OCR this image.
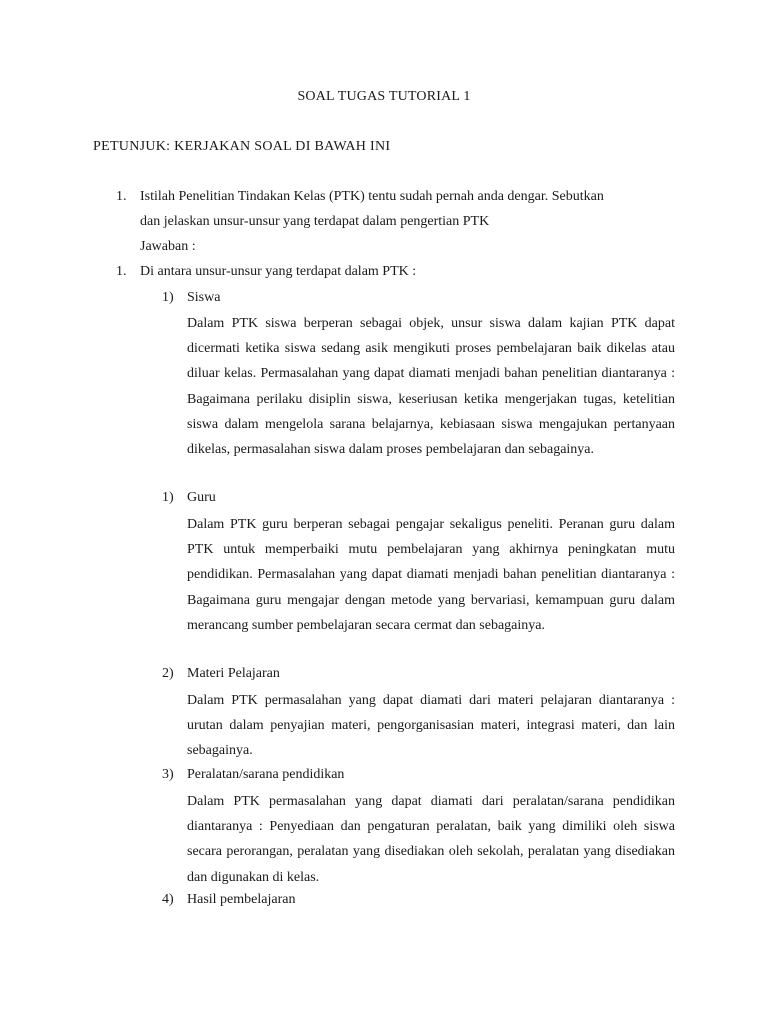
SOAL TUGAS TUTORIAL 1
PETUNJUK: KERJAKAN SOAL DI BAWAH INI
1. Istilah Penelitian Tindakan Kelas (PTK) tentu sudah pernah anda dengar. Sebutkan
dan jelaskan unsur-unsur yang terdapat dalam pengertian PTK
Jawaban :
1. Di antara unsur-unsur yang terdapat dalam PTK :
1) Siswa
Dalam PTK siswa berperan sebagai objek, unsur siswa dalam kajian PTK dapat dicermati ketika siswa sedang asik mengikuti proses pembelajaran baik dikelas atau diluar kelas. Permasalahan yang dapat diamati menjadi bahan penelitian diantaranya : Bagaimana perilaku disiplin siswa, keseriusan ketika mengerjakan tugas, ketelitian siswa dalam mengelola sarana belajarnya, kebiasaan siswa mengajukan pertanyaan dikelas, permasalahan siswa dalam proses pembelajaran dan sebagainya.
1) Guru
Dalam PTK guru berperan sebagai pengajar sekaligus peneliti. Peranan guru dalam PTK untuk memperbaiki mutu pembelajaran yang akhirnya peningkatan mutu pendidikan. Permasalahan yang dapat diamati menjadi bahan penelitian diantaranya : Bagaimana guru mengajar dengan metode yang bervariasi, kemampuan guru dalam merancang sumber pembelajaran secara cermat dan sebagainya.
2) Materi Pelajaran
Dalam PTK permasalahan yang dapat diamati dari materi pelajaran diantaranya : urutan dalam penyajian materi, pengorganisasian materi, integrasi materi, dan lain sebagainya.
3) Peralatan/sarana pendidikan
Dalam PTK permasalahan yang dapat diamati dari peralatan/sarana pendidikan diantaranya : Penyediaan dan pengaturan peralatan, baik yang dimiliki oleh siswa secara perorangan, peralatan yang disediakan oleh sekolah, peralatan yang disediakan dan digunakan di kelas.
4) Hasil pembelajaran
